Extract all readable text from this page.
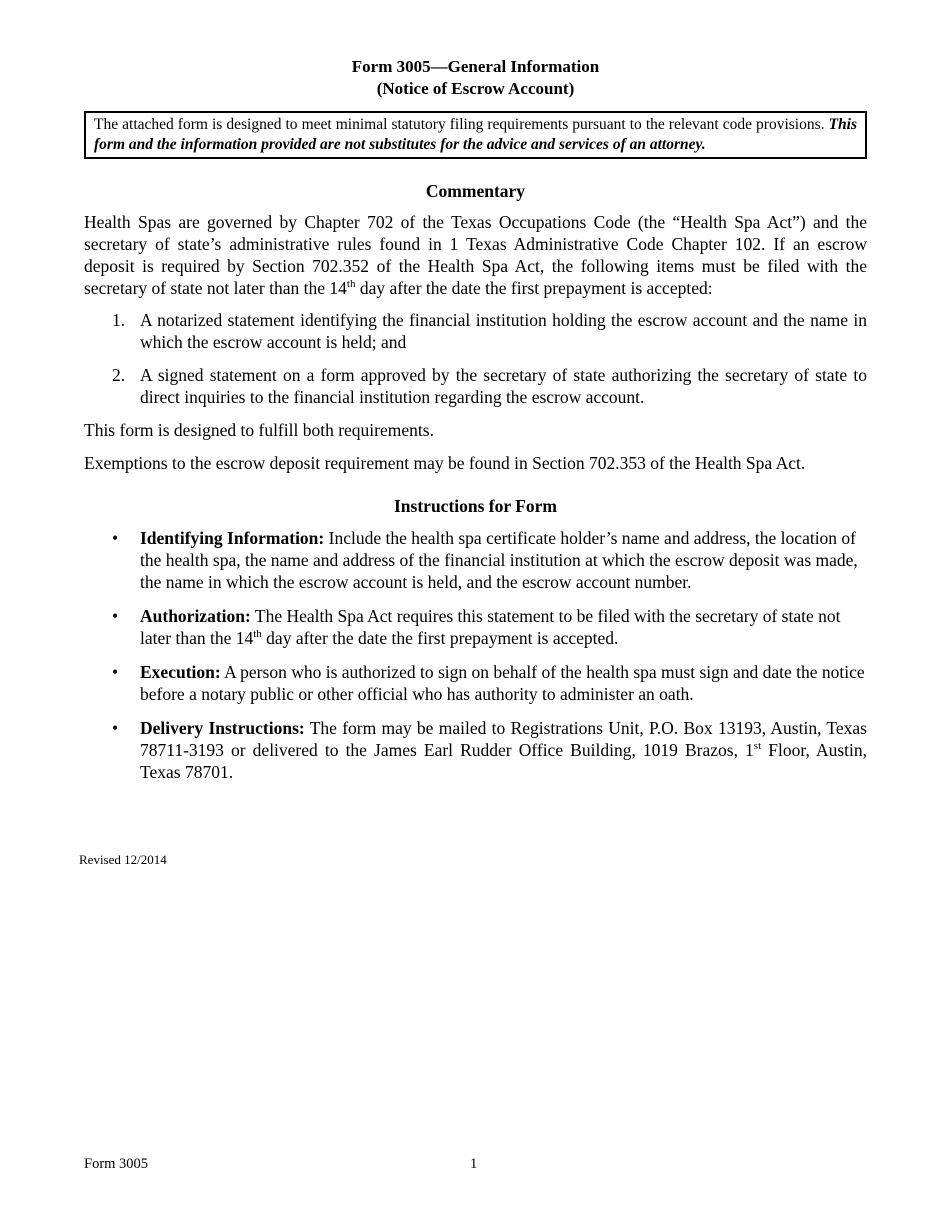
Form 3005—General Information
(Notice of Escrow Account)
The attached form is designed to meet minimal statutory filing requirements pursuant to the relevant code provisions. This form and the information provided are not substitutes for the advice and services of an attorney.
Commentary

Health Spas are governed by Chapter 702 of the Texas Occupations Code (the “Health Spa Act”) and the secretary of state’s administrative rules found in 1 Texas Administrative Code Chapter 102. If an escrow deposit is required by Section 702.352 of the Health Spa Act, the following items must be filed with the secretary of state not later than the 14th day after the date the first prepayment is accepted:

1. A notarized statement identifying the financial institution holding the escrow account and the name in which the escrow account is held; and
2. A signed statement on a form approved by the secretary of state authorizing the secretary of state to direct inquiries to the financial institution regarding the escrow account.

This form is designed to fulfill both requirements.

Exemptions to the escrow deposit requirement may be found in Section 702.353 of the Health Spa Act.

Instructions for Form
• Identifying Information: Include the health spa certificate holder’s name and address, the location of the health spa, the name and address of the financial institution at which the escrow deposit was made, the name in which the escrow account is held, and the escrow account number.
• Authorization: The Health Spa Act requires this statement to be filed with the secretary of state not later than the 14th day after the date the first prepayment is accepted.
• Execution: A person who is authorized to sign on behalf of the health spa must sign and date the notice before a notary public or other official who has authority to administer an oath.
• Delivery Instructions: The form may be mailed to Registrations Unit, P.O. Box 13193, Austin, Texas 78711-3193 or delivered to the James Earl Rudder Office Building, 1019 Brazos, 1st Floor, Austin, Texas 78701.
Revised 12/2014
Form 3005	1
